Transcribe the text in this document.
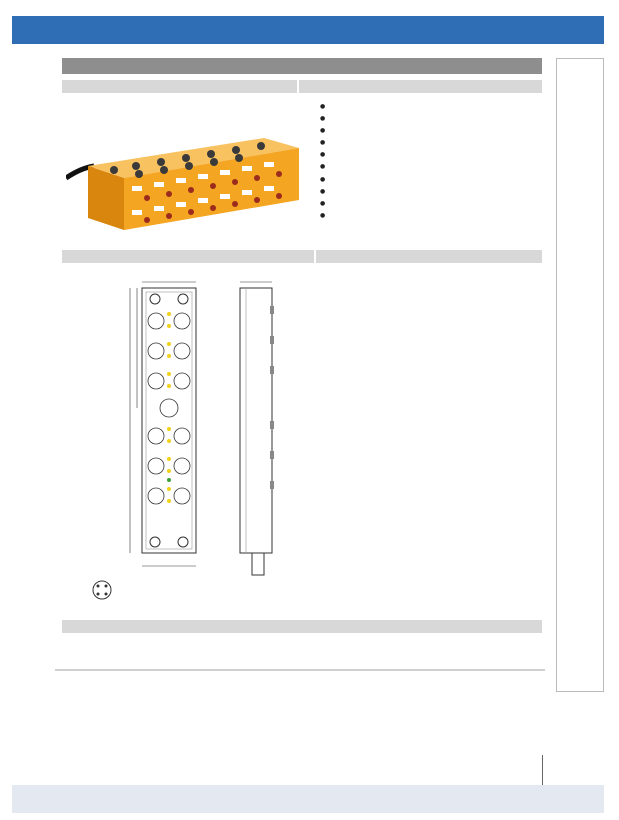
●
●
●
●
●
●
●
●
●
●
